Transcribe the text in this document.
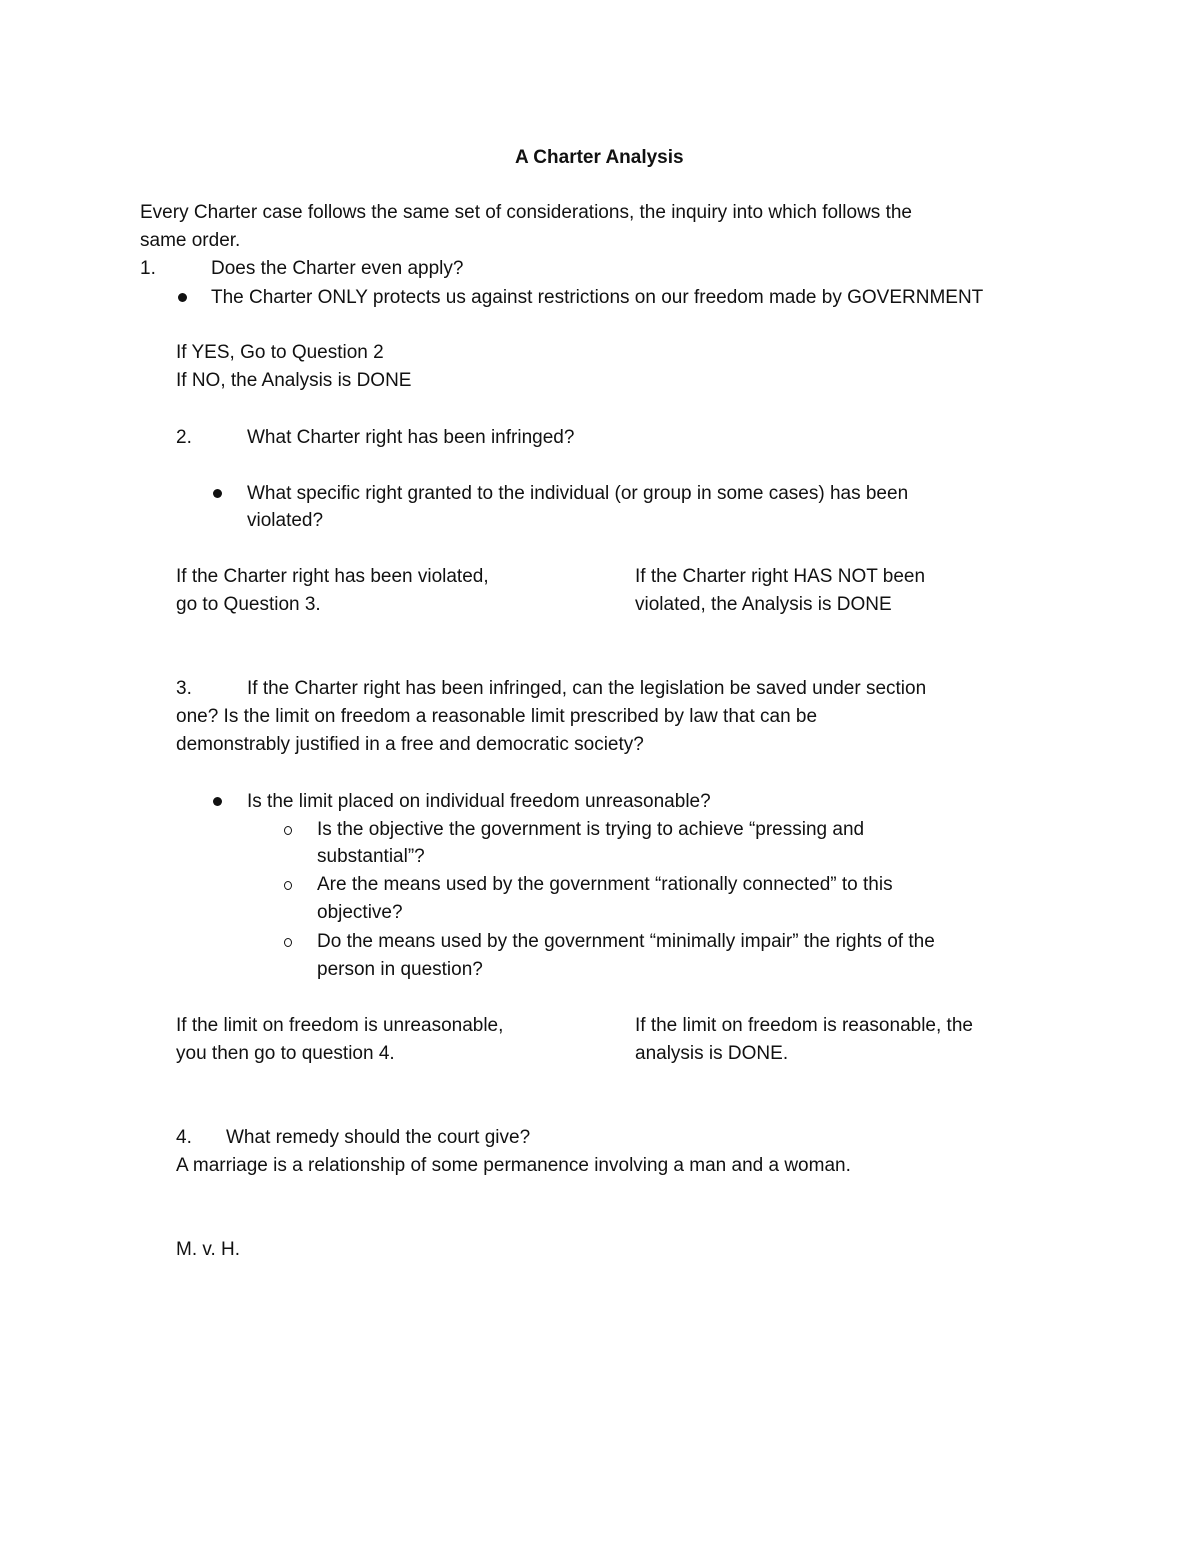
A Charter Analysis
Every Charter case follows the same set of considerations, the inquiry into which follows the
same order.
1.	Does the Charter even apply?
The Charter ONLY protects us against restrictions on our freedom made by GOVERNMENT
If YES, Go to Question 2
If NO, the Analysis is DONE
2.	What Charter right has been infringed?
What specific right granted to the individual (or group in some cases) has been
violated?
If the Charter right has been violated,
go to Question 3.
If the Charter right HAS NOT been
violated, the Analysis is DONE
3.	If the Charter right has been infringed, can the legislation be saved under section
one? Is the limit on freedom a reasonable limit prescribed by law that can be
demonstrably justified in a free and democratic society?
Is the limit placed on individual freedom unreasonable?
Is the objective the government is trying to achieve “pressing and
substantial”?
Are the means used by the government “rationally connected” to this
objective?
Do the means used by the government “minimally impair” the rights of the
person in question?
If the limit on freedom is unreasonable,
you then go to question 4.
If the limit on freedom is reasonable, the
analysis is DONE.
4. What remedy should the court give?
A marriage is a relationship of some permanence involving a man and a woman.
M. v. H.
